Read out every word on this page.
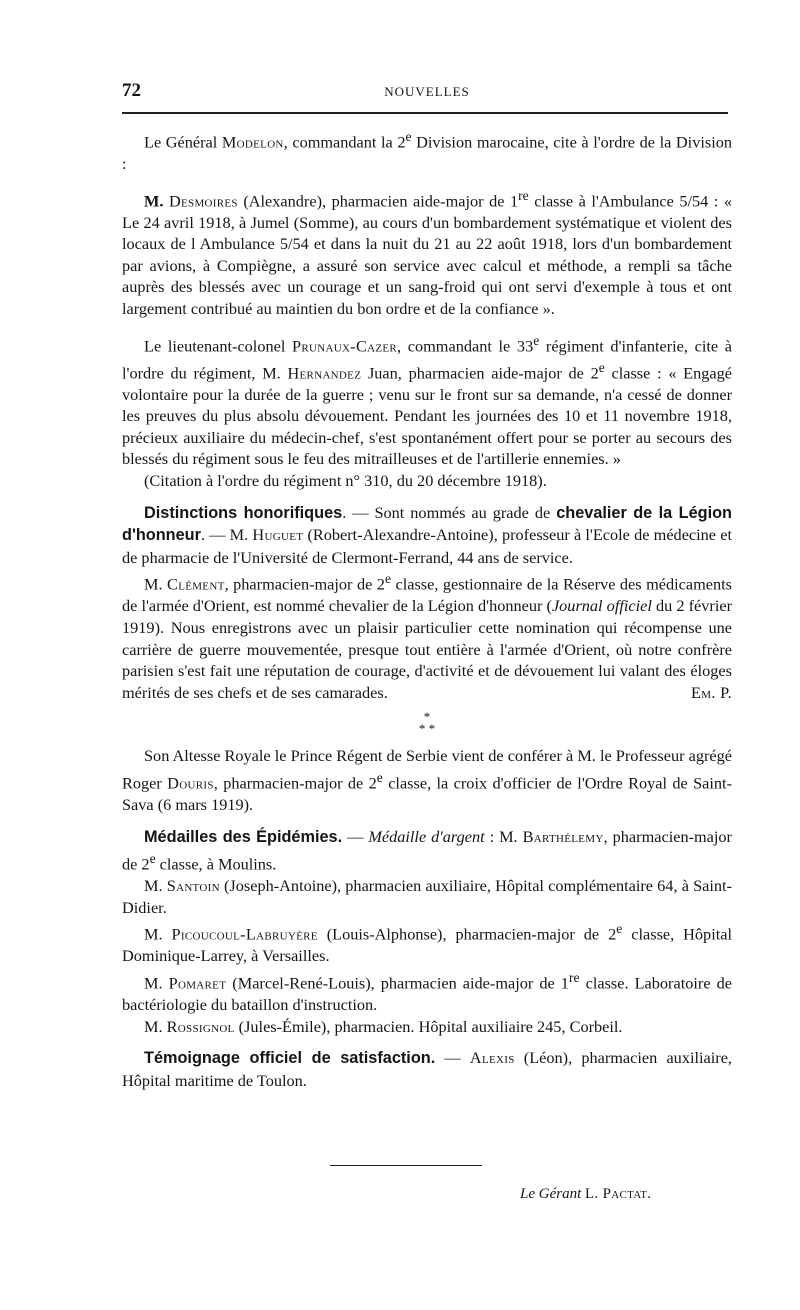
72	NOUVELLES

Le Général Modelon, commandant la 2e Division marocaine, cite à l'ordre de la Division :

M. Desmoires (Alexandre), pharmacien aide-major de 1re classe à l'Ambulance 5/54 : « Le 24 avril 1918, à Jumel (Somme), au cours d'un bombardement systématique et violent des locaux de l Ambulance 5/54 et dans la nuit du 21 au 22 août 1918, lors d'un bombardement par avions, à Compiègne, a assuré son service avec calcul et méthode, a rempli sa tâche auprès des blessés avec un courage et un sang-froid qui ont servi d'exemple à tous et ont largement contribué au maintien du bon ordre et de la confiance ».

Le lieutenant-colonel Prunaux-Cazer, commandant le 33e régiment d'infanterie, cite à l'ordre du régiment, M. Hernandez Juan, pharmacien aide-major de 2e classe : « Engagé volontaire pour la durée de la guerre ; venu sur le front sur sa demande, n'a cessé de donner les preuves du plus absolu dévouement. Pendant les journées des 10 et 11 novembre 1918, précieux auxiliaire du médecin-chef, s'est spontanément offert pour se porter au secours des blessés du régiment sous le feu des mitrailleuses et de l'artillerie ennemies. »

(Citation à l'ordre du régiment n° 310, du 20 décembre 1918).

Distinctions honorifiques. — Sont nommés au grade de chevalier de la Légion d'honneur. — M. Huguet (Robert-Alexandre-Antoine), professeur à l'Ecole de médecine et de pharmacie de l'Université de Clermont-Ferrand, 44 ans de service.

M. Clément, pharmacien-major de 2e classe, gestionnaire de la Réserve des médicaments de l'armée d'Orient, est nommé chevalier de la Légion d'honneur (Journal officiel du 2 février 1919). Nous enregistrons avec un plaisir particulier cette nomination qui récompense une carrière de guerre mouvementée, presque tout entière à l'armée d'Orient, où notre confrère parisien s'est fait une réputation de courage, d'activité et de dévouement lui valant des éloges mérités de ses chefs et de ses camarades.	Em. P.

*
* *

Son Altesse Royale le Prince Régent de Serbie vient de conférer à M. le Professeur agrégé Roger Douris, pharmacien-major de 2e classe, la croix d'officier de l'Ordre Royal de Saint-Sava (6 mars 1919).

Médailles des Épidémies. — Médaille d'argent : M. Barthélemy, pharmacien-major de 2e classe, à Moulins.

M. Santoin (Joseph-Antoine), pharmacien auxiliaire, Hôpital complémentaire 64, à Saint-Didier.

M. Picoucoul-Labruyère (Louis-Alphonse), pharmacien-major de 2e classe, Hôpital Dominique-Larrey, à Versailles.

M. Pomaret (Marcel-René-Louis), pharmacien aide-major de 1re classe. Laboratoire de bactériologie du bataillon d'instruction.

M. Rossignol (Jules-Émile), pharmacien. Hôpital auxiliaire 245, Corbeil.

Témoignage officiel de satisfaction. — Alexis (Léon), pharmacien auxiliaire, Hôpital maritime de Toulon.

Le Gérant L. Pactat.
